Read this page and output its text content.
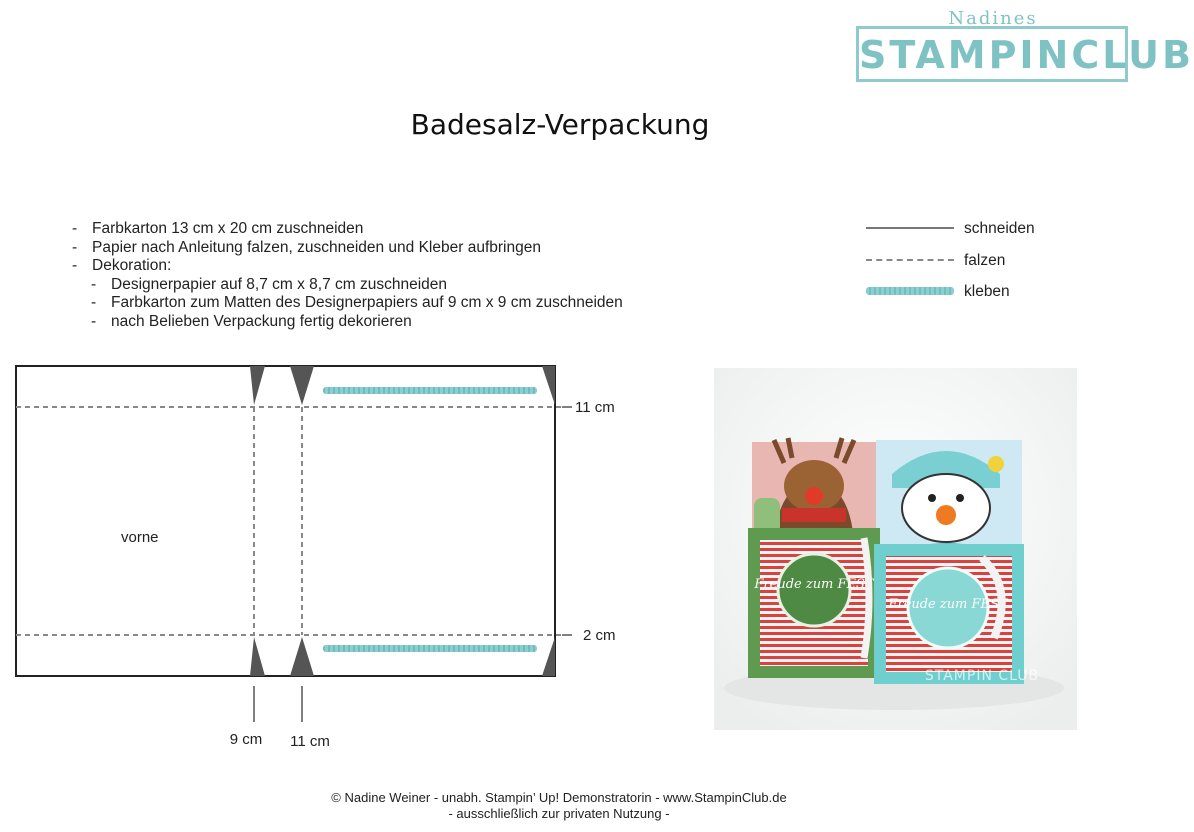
Nadines
STAMPINCLUB
Badesalz-Verpackung
- Farbkarton 13 cm x 20 cm zuschneiden
- Papier nach Anleitung falzen, zuschneiden und Kleber aufbringen
- Dekoration:
- Designerpapier auf 8,7 cm x 8,7 cm zuschneiden
- Farbkarton zum Matten des Designerpapiers auf 9 cm x 9 cm zuschneiden
- nach Belieben Verpackung fertig dekorieren
schneiden
falzen
kleben
vorne
11 cm
2 cm
9 cm 11 cm
Freude zum FEST
Freude zum FEST
STAMPIN CLUB
© Nadine Weiner - unabh. Stampin’ Up! Demonstratorin - www.StampinClub.de
- ausschließlich zur privaten Nutzung -
